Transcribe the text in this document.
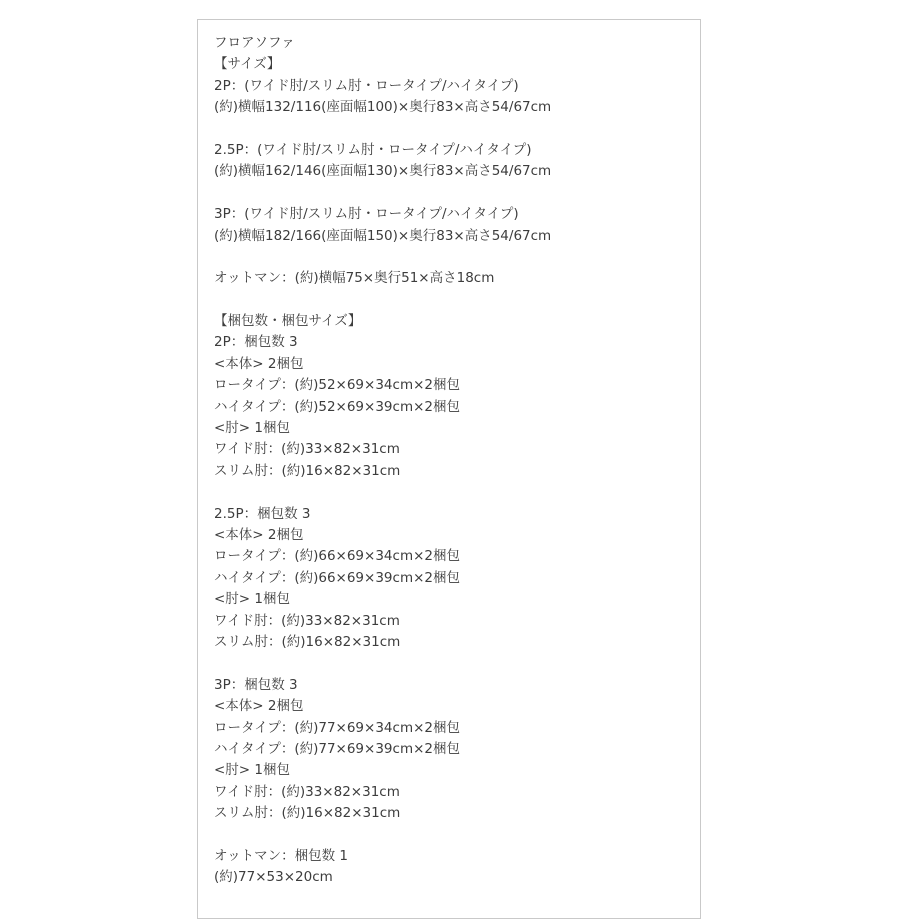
フロアソファ
【サイズ】
2P：(ワイド肘/スリム肘・ロータイプ/ハイタイプ)
(約)横幅132/116(座面幅100)×奥行83×高さ54/67cm
2.5P：(ワイド肘/スリム肘・ロータイプ/ハイタイプ)
(約)横幅162/146(座面幅130)×奥行83×高さ54/67cm
3P：(ワイド肘/スリム肘・ロータイプ/ハイタイプ)
(約)横幅182/166(座面幅150)×奥行83×高さ54/67cm
オットマン：(約)横幅75×奥行51×高さ18cm
【梱包数・梱包サイズ】
2P：梱包数 3
<本体> 2梱包
ロータイプ：(約)52×69×34cm×2梱包
ハイタイプ：(約)52×69×39cm×2梱包
<肘> 1梱包
ワイド肘：(約)33×82×31cm
スリム肘：(約)16×82×31cm
2.5P：梱包数 3
<本体> 2梱包
ロータイプ：(約)66×69×34cm×2梱包
ハイタイプ：(約)66×69×39cm×2梱包
<肘> 1梱包
ワイド肘：(約)33×82×31cm
スリム肘：(約)16×82×31cm
3P：梱包数 3
<本体> 2梱包
ロータイプ：(約)77×69×34cm×2梱包
ハイタイプ：(約)77×69×39cm×2梱包
<肘> 1梱包
ワイド肘：(約)33×82×31cm
スリム肘：(約)16×82×31cm
オットマン：梱包数 1
(約)77×53×20cm
